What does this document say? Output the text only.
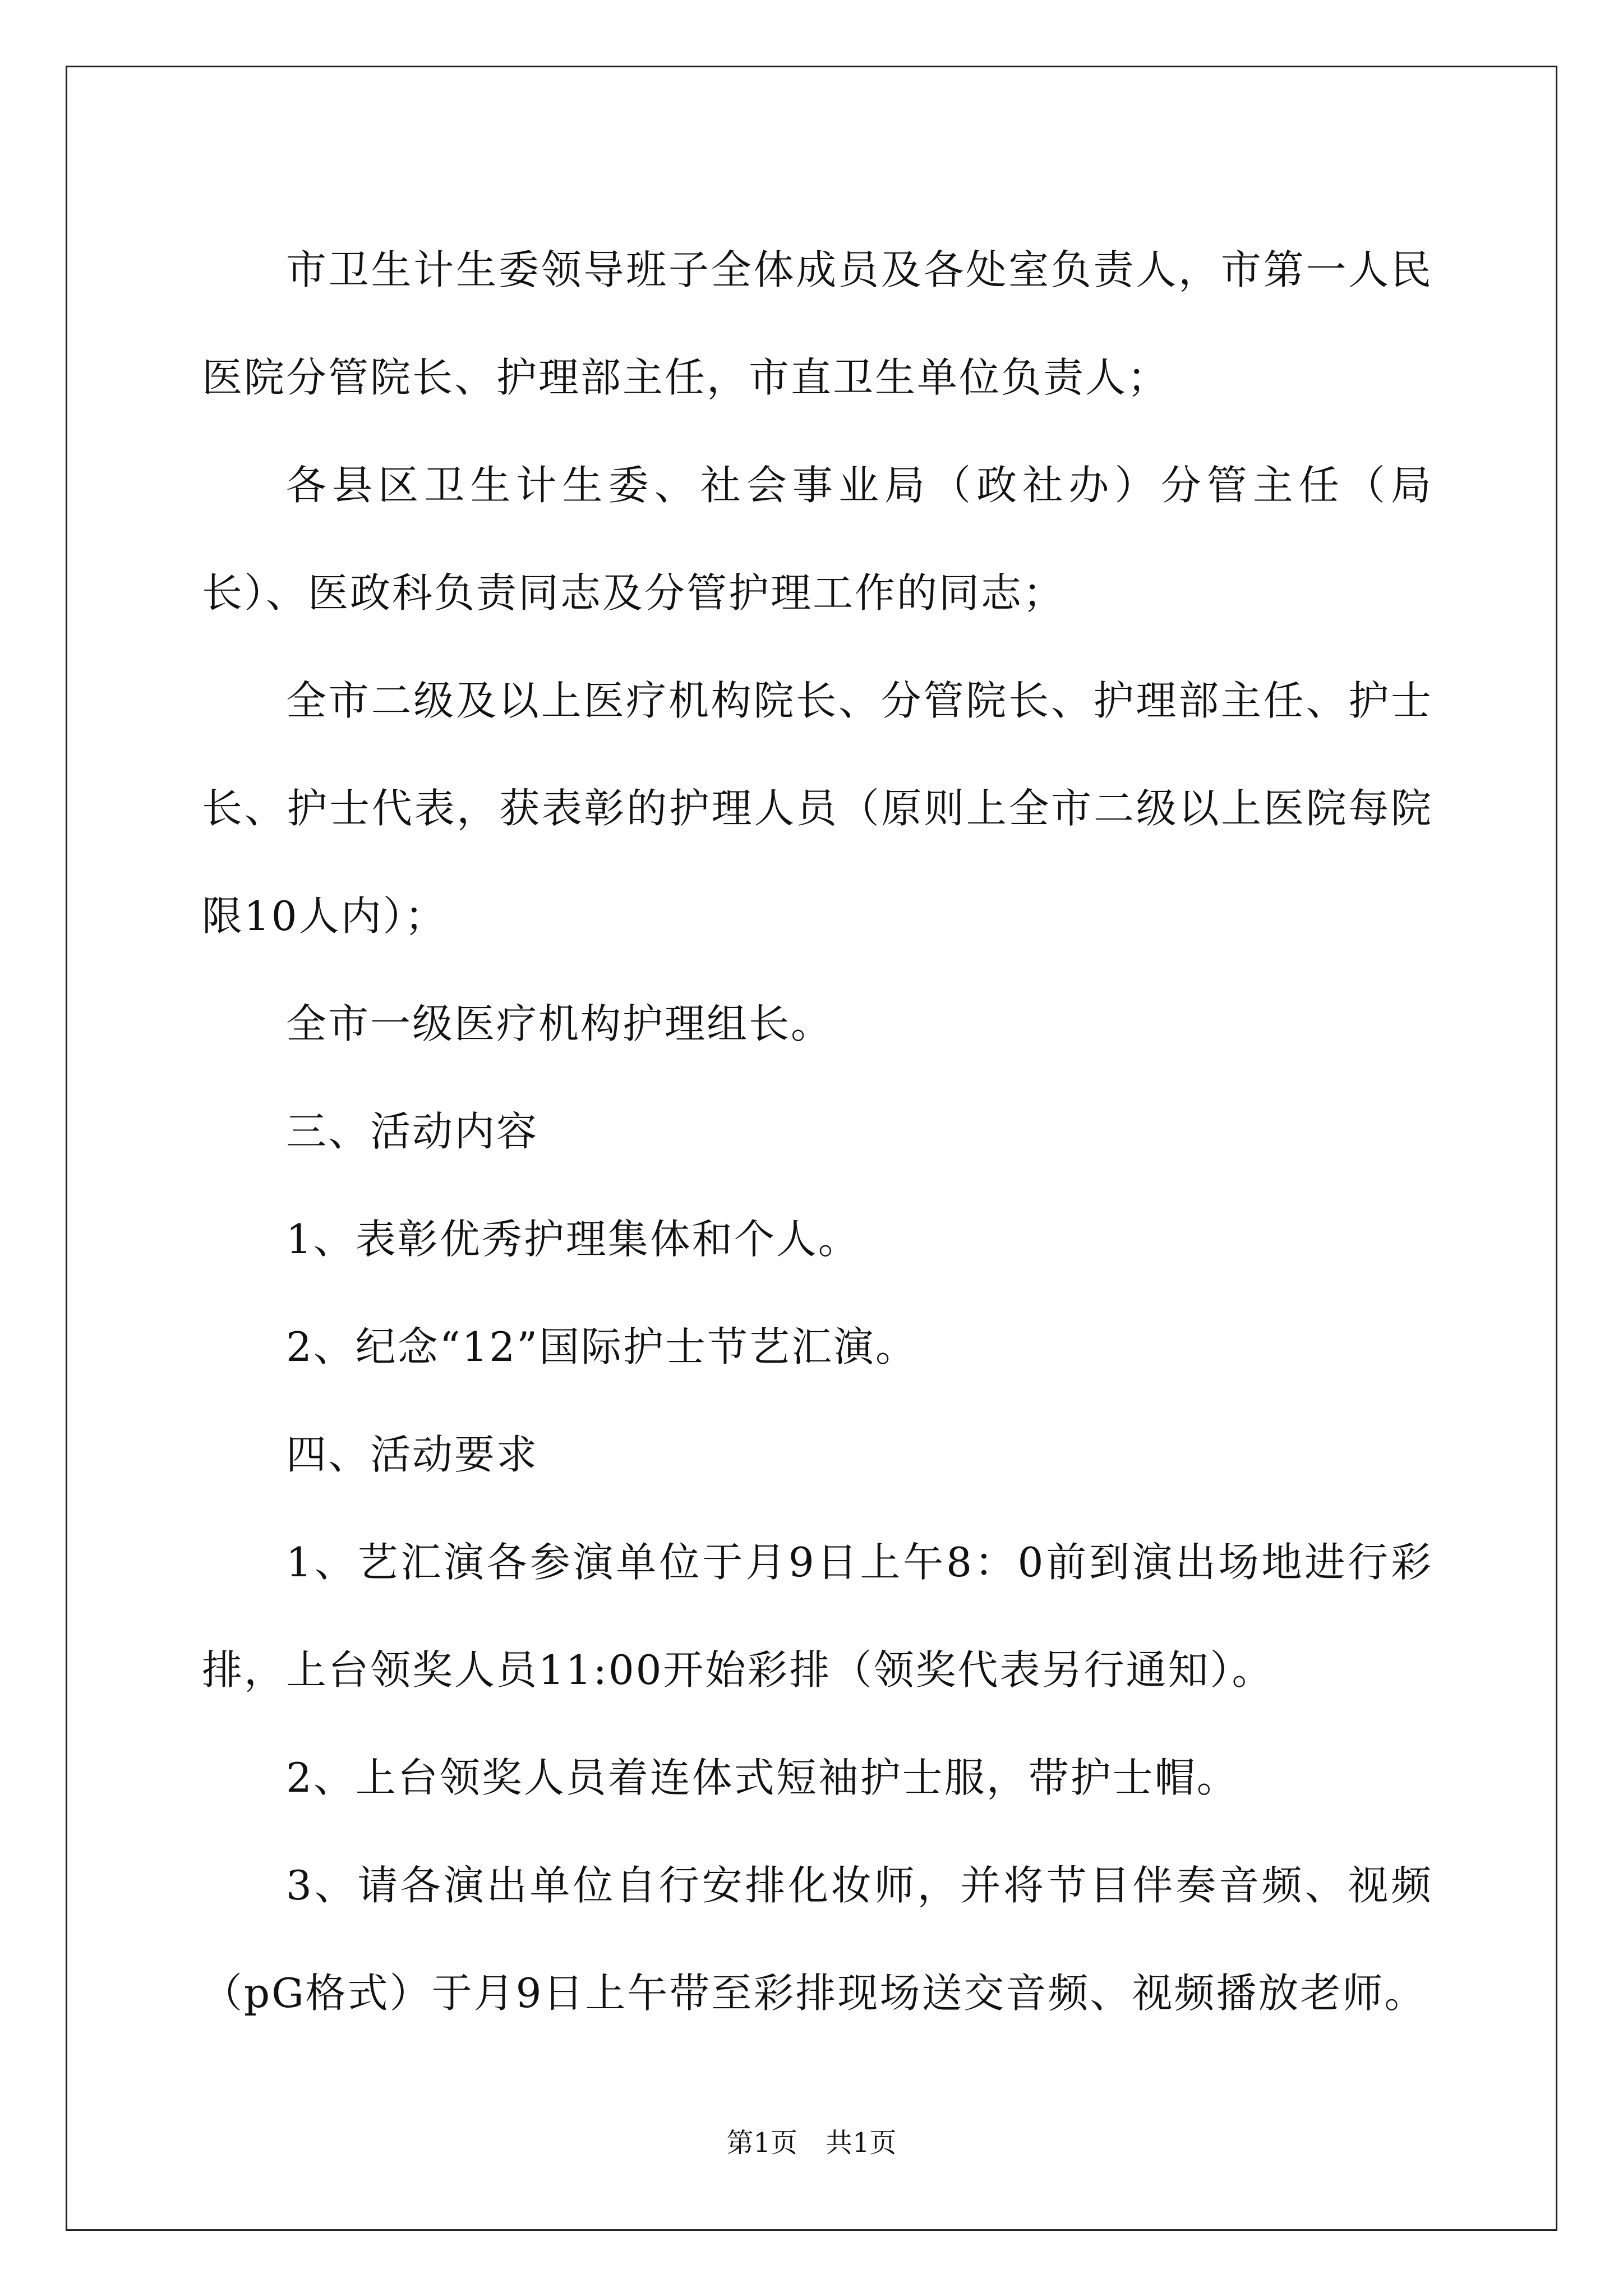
市卫生计生委领导班子全体成员及各处室负责人，市第一人民医院分管院长、护理部主任，市直卫生单位负责人；

各县区卫生计生委、社会事业局（政社办）分管主任（局长）、医政科负责同志及分管护理工作的同志；

全市二级及以上医疗机构院长、分管院长、护理部主任、护士长、护士代表，获表彰的护理人员（原则上全市二级以上医院每院限10人内）；

全市一级医疗机构护理组长。

三、活动内容

1、表彰优秀护理集体和个人。

2、纪念“12”国际护士节艺汇演。

四、活动要求

1、艺汇演各参演单位于月9日上午8：0前到演出场地进行彩排，上台领奖人员11:00开始彩排（领奖代表另行通知）。

2、上台领奖人员着连体式短袖护士服，带护士帽。

3、请各演出单位自行安排化妆师，并将节目伴奏音频、视频（pG格式）于月9日上午带至彩排现场送交音频、视频播放老师。

第1页 共1页
